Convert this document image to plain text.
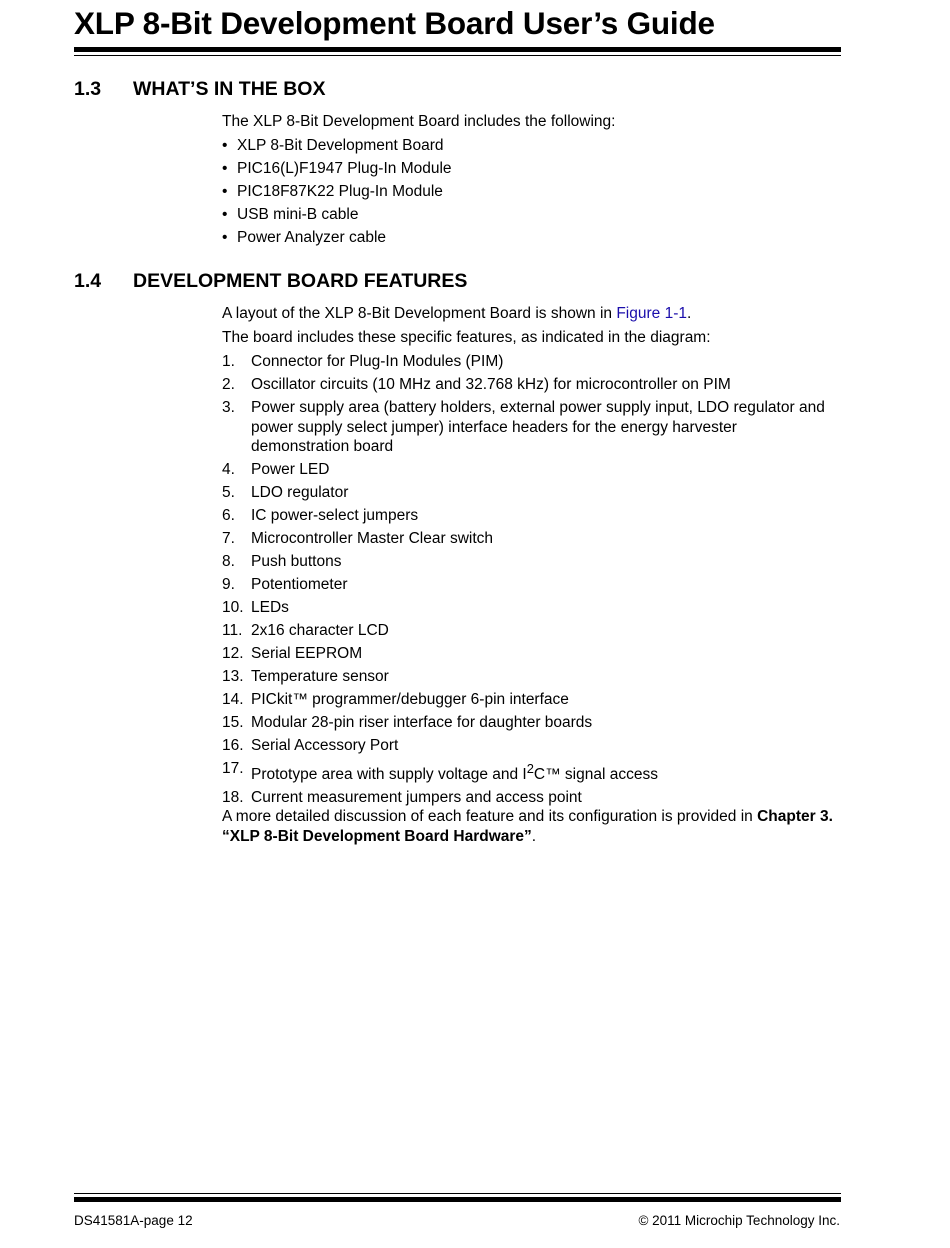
XLP 8-Bit Development Board User’s Guide
1.3 WHAT’S IN THE BOX

The XLP 8-Bit Development Board includes the following:

• XLP 8-Bit Development Board
• PIC16(L)F1947 Plug-In Module
• PIC18F87K22 Plug-In Module
• USB mini-B cable
• Power Analyzer cable
1.4 DEVELOPMENT BOARD FEATURES

A layout of the XLP 8-Bit Development Board is shown in Figure 1-1.

The board includes these specific features, as indicated in the diagram:

1.	Connector for Plug-In Modules (PIM)
2.	Oscillator circuits (10 MHz and 32.768 kHz) for microcontroller on PIM
3.	Power supply area (battery holders, external power supply input, LDO regulator and power supply select jumper) interface headers for the energy harvester demonstration board
4.	Power LED
5.	LDO regulator
6.	IC power-select jumpers
7.	Microcontroller Master Clear switch
8.	Push buttons
9.	Potentiometer
10. LEDs
11. 2x16 character LCD
12. Serial EEPROM
13. Temperature sensor
14. PICkit™ programmer/debugger 6-pin interface
15. Modular 28-pin riser interface for daughter boards
16. Serial Accessory Port
17. Prototype area with supply voltage and $I^2C™$ signal access
18. Current measurement jumpers and access point

A more detailed discussion of each feature and its configuration is provided in Chapter 3. “XLP 8-Bit Development Board Hardware”.

DS41581A-page 12	© 2011 Microchip Technology Inc.
